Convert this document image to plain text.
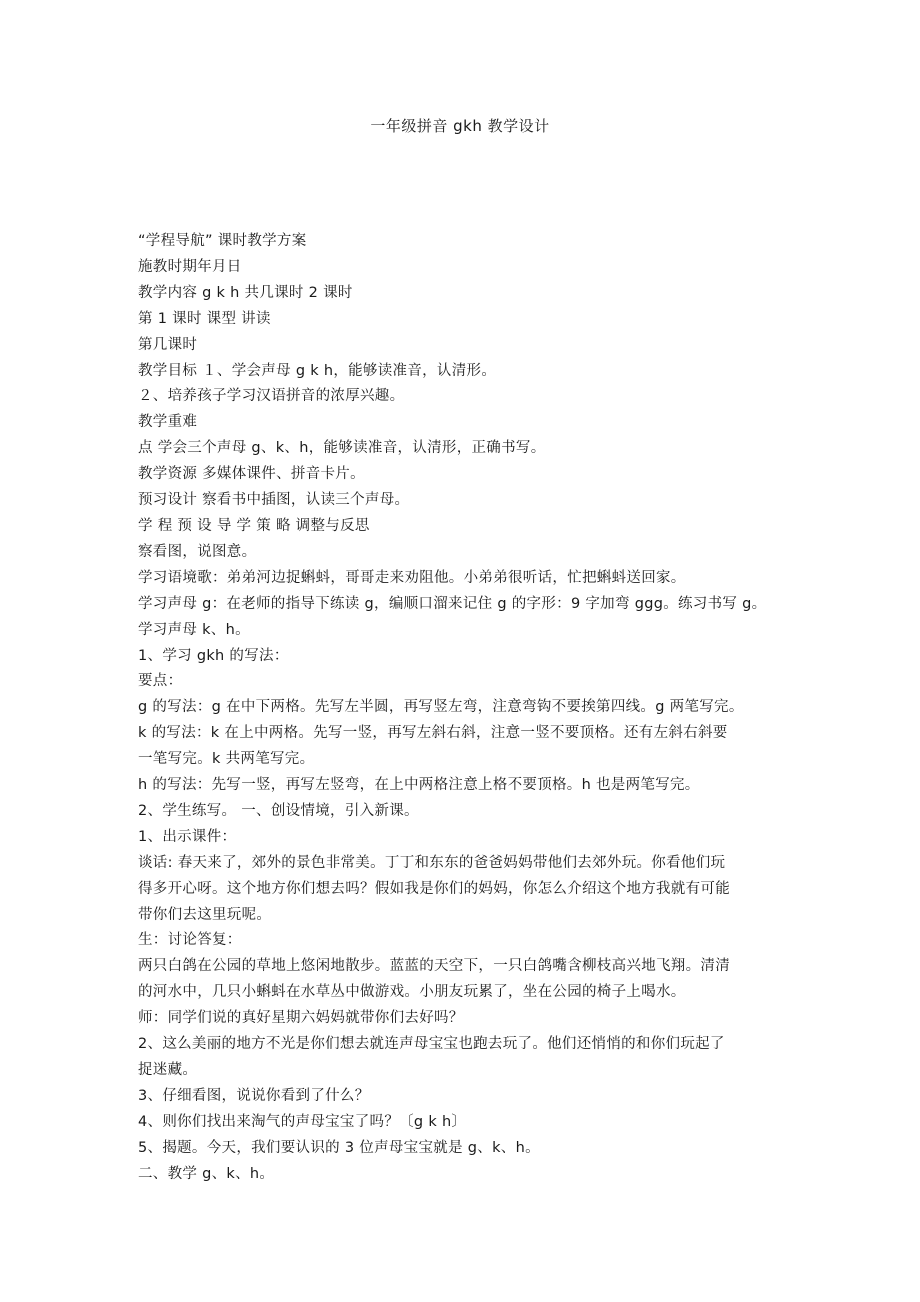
一年级拼音 gkh 教学设计
“学程导航” 课时教学方案
施教时期年月日
教学内容 g k h 共几课时 2 课时
第 1 课时 课型 讲读
第几课时
教学目标 １、学会声母 g k h，能够读准音，认清形。
２、培养孩子学习汉语拼音的浓厚兴趣。
教学重难
点 学会三个声母 g、k、h，能够读准音，认清形，正确书写。
教学资源 多媒体课件、拼音卡片。
预习设计 察看书中插图，认读三个声母。
学 程 预 设 导 学 策 略 调整与反思
察看图，说图意。
学习语境歌：弟弟河边捉蝌蚪，哥哥走来劝阻他。小弟弟很听话，忙把蝌蚪送回家。
学习声母 g：在老师的指导下练读 g，编顺口溜来记住 g 的字形：9 字加弯 ggg。练习书写 g。
学习声母 k、h。
1、学习 gkh 的写法：
要点：
g 的写法：g 在中下两格。先写左半圆，再写竖左弯，注意弯钩不要挨第四线。g 两笔写完。
k 的写法：k 在上中两格。先写一竖，再写左斜右斜，注意一竖不要顶格。还有左斜右斜要
一笔写完。k 共两笔写完。
h 的写法：先写一竖，再写左竖弯，在上中两格注意上格不要顶格。h 也是两笔写完。
2、学生练写。 一、创设情境，引入新课。
1、出示课件：
谈话: 春天来了，郊外的景色非常美。丁丁和东东的爸爸妈妈带他们去郊外玩。你看他们玩
得多开心呀。这个地方你们想去吗？假如我是你们的妈妈，你怎么介绍这个地方我就有可能
带你们去这里玩呢。
生：讨论答复：
两只白鸽在公园的草地上悠闲地散步。蓝蓝的天空下，一只白鸽嘴含柳枝高兴地飞翔。清清
的河水中，几只小蝌蚪在水草丛中做游戏。小朋友玩累了，坐在公园的椅子上喝水。
师：同学们说的真好星期六妈妈就带你们去好吗？
2、这么美丽的地方不光是你们想去就连声母宝宝也跑去玩了。他们还悄悄的和你们玩起了
捉迷藏。
3、仔细看图，说说你看到了什么？
4、则你们找出来淘气的声母宝宝了吗？〔g k h〕
5、揭题。今天，我们要认识的 3 位声母宝宝就是 g、k、h。
二、教学 g、k、h。
